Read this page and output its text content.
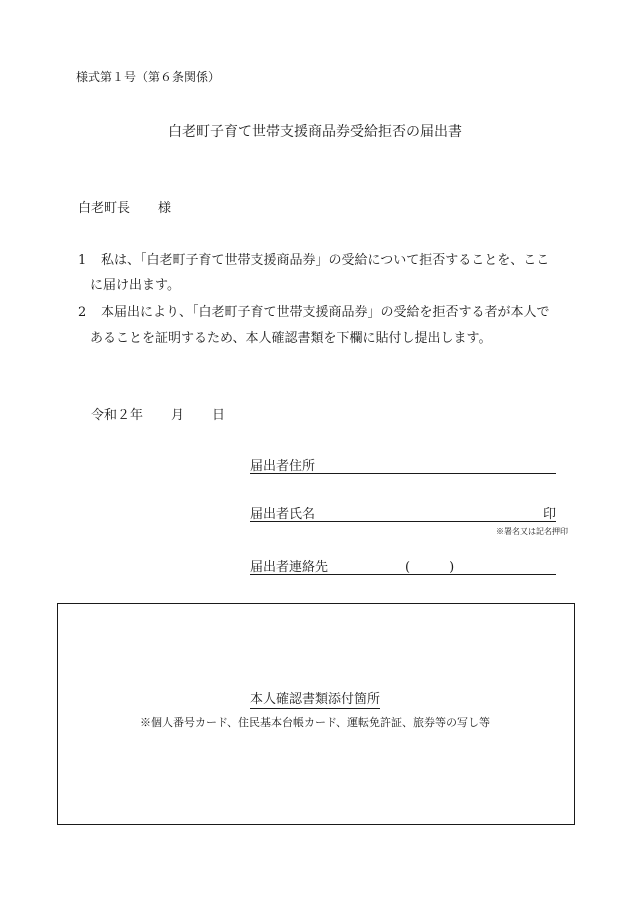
様式第１号（第６条関係）
白老町子育て世帯支援商品券受給拒否の届出書
白老町長 様
1 私は、「白老町子育て世帯支援商品券」の受給について拒否することを、ここ
に届け出ます。
2 本届出により、「白老町子育て世帯支援商品券」の受給を拒否する者が本人で
あることを証明するため、本人確認書類を下欄に貼付し提出します。
令和２年 月 日
届出者住所
届出者氏名	印
※署名又は記名押印
届出者連絡先	(　　　)
本人確認書類添付箇所
※個人番号カード、住民基本台帳カード、運転免許証、旅券等の写し等
